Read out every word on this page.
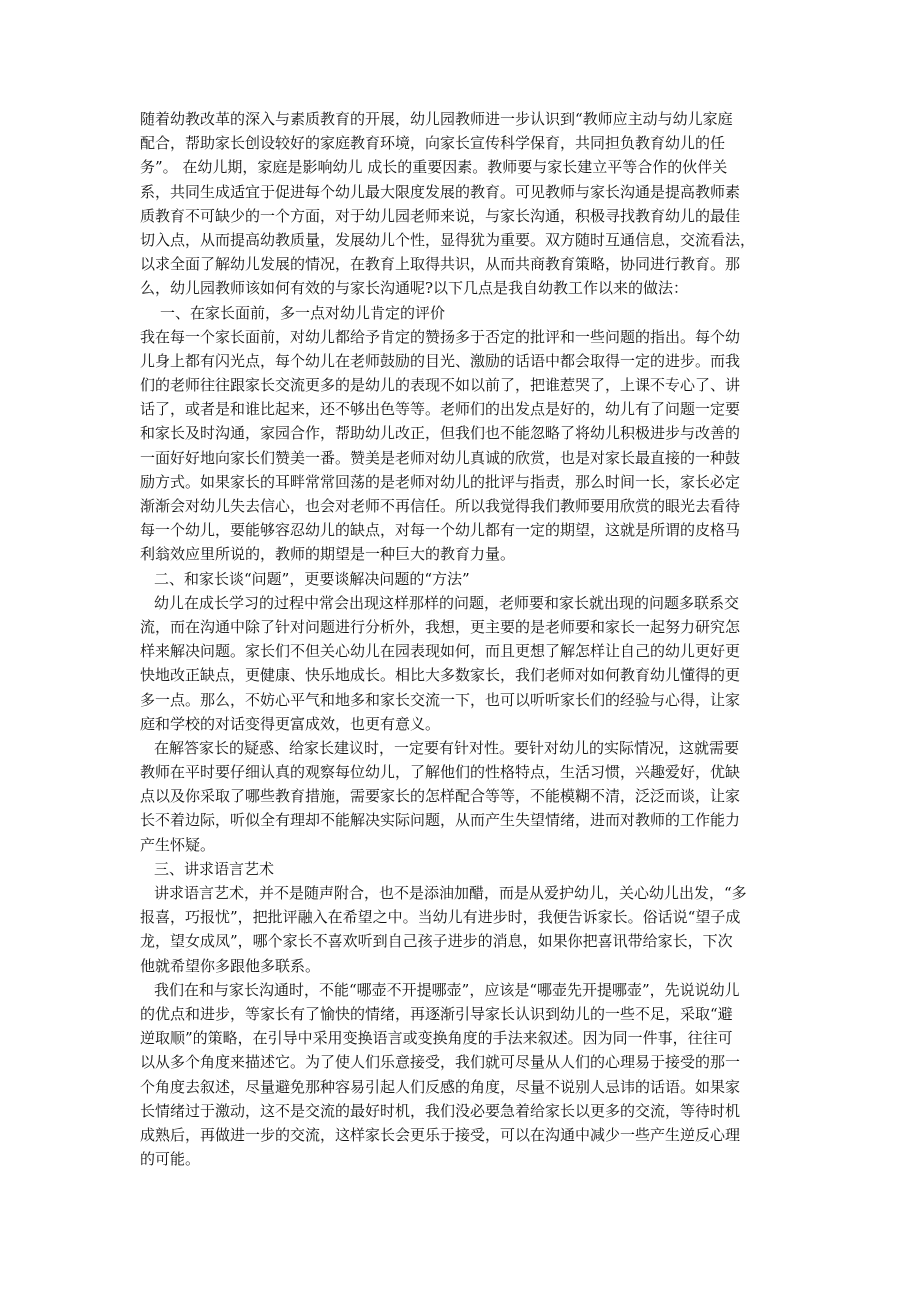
随着幼教改革的深入与素质教育的开展，幼儿园教师进一步认识到“教师应主动与幼儿家庭
配合，帮助家长创设较好的家庭教育环境，向家长宣传科学保育，共同担负教育幼儿的任
务”。 在幼儿期，家庭是影响幼儿 成长的重要因素。教师要与家长建立平等合作的伙伴关
系，共同生成适宜于促进每个幼儿最大限度发展的教育。可见教师与家长沟通是提高教师素
质教育不可缺少的一个方面，对于幼儿园老师来说，与家长沟通，积极寻找教育幼儿的最佳
切入点，从而提高幼教质量，发展幼儿个性，显得犹为重要。双方随时互通信息，交流看法，
以求全面了解幼儿发展的情况，在教育上取得共识，从而共商教育策略，协同进行教育。那
么，幼儿园教师该如何有效的与家长沟通呢?以下几点是我自幼教工作以来的做法：
一、在家长面前，多一点对幼儿肯定的评价
我在每一个家长面前，对幼儿都给予肯定的赞扬多于否定的批评和一些问题的指出。每个幼
儿身上都有闪光点，每个幼儿在老师鼓励的目光、激励的话语中都会取得一定的进步。而我
们的老师往往跟家长交流更多的是幼儿的表现不如以前了，把谁惹哭了，上课不专心了、讲
话了，或者是和谁比起来，还不够出色等等。老师们的出发点是好的，幼儿有了问题一定要
和家长及时沟通，家园合作，帮助幼儿改正，但我们也不能忽略了将幼儿积极进步与改善的
一面好好地向家长们赞美一番。赞美是老师对幼儿真诚的欣赏，也是对家长最直接的一种鼓
励方式。如果家长的耳畔常常回荡的是老师对幼儿的批评与指责，那么时间一长，家长必定
渐渐会对幼儿失去信心，也会对老师不再信任。所以我觉得我们教师要用欣赏的眼光去看待
每一个幼儿，要能够容忍幼儿的缺点，对每一个幼儿都有一定的期望，这就是所谓的皮格马
利翁效应里所说的，教师的期望是一种巨大的教育力量。
二、和家长谈“问题”，更要谈解决问题的“方法”
幼儿在成长学习的过程中常会出现这样那样的问题，老师要和家长就出现的问题多联系交
流，而在沟通中除了针对问题进行分析外，我想，更主要的是老师要和家长一起努力研究怎
样来解决问题。家长们不但关心幼儿在园表现如何，而且更想了解怎样让自己的幼儿更好更
快地改正缺点，更健康、快乐地成长。相比大多数家长，我们老师对如何教育幼儿懂得的更
多一点。那么，不妨心平气和地多和家长交流一下，也可以听听家长们的经验与心得，让家
庭和学校的对话变得更富成效，也更有意义。
在解答家长的疑惑、给家长建议时，一定要有针对性。要针对幼儿的实际情况，这就需要
教师在平时要仔细认真的观察每位幼儿，了解他们的性格特点，生活习惯，兴趣爱好，优缺
点以及你采取了哪些教育措施，需要家长的怎样配合等等，不能模糊不清，泛泛而谈，让家
长不着边际，听似全有理却不能解决实际问题，从而产生失望情绪，进而对教师的工作能力
产生怀疑。
三、讲求语言艺术
讲求语言艺术，并不是随声附合，也不是添油加醋，而是从爱护幼儿，关心幼儿出发，“多
报喜，巧报忧”，把批评融入在希望之中。当幼儿有进步时，我便告诉家长。俗话说“望子成
龙，望女成凤”，哪个家长不喜欢听到自己孩子进步的消息，如果你把喜讯带给家长，下次
他就希望你多跟他多联系。
我们在和与家长沟通时，不能“哪壶不开提哪壶”，应该是“哪壶先开提哪壶”，先说说幼儿
的优点和进步，等家长有了愉快的情绪，再逐渐引导家长认识到幼儿的一些不足，采取“避
逆取顺”的策略，在引导中采用变换语言或变换角度的手法来叙述。因为同一件事，往往可
以从多个角度来描述它。为了使人们乐意接受，我们就可尽量从人们的心理易于接受的那一
个角度去叙述，尽量避免那种容易引起人们反感的角度，尽量不说别人忌讳的话语。如果家
长情绪过于激动，这不是交流的最好时机，我们没必要急着给家长以更多的交流，等待时机
成熟后，再做进一步的交流，这样家长会更乐于接受，可以在沟通中减少一些产生逆反心理
的可能。
